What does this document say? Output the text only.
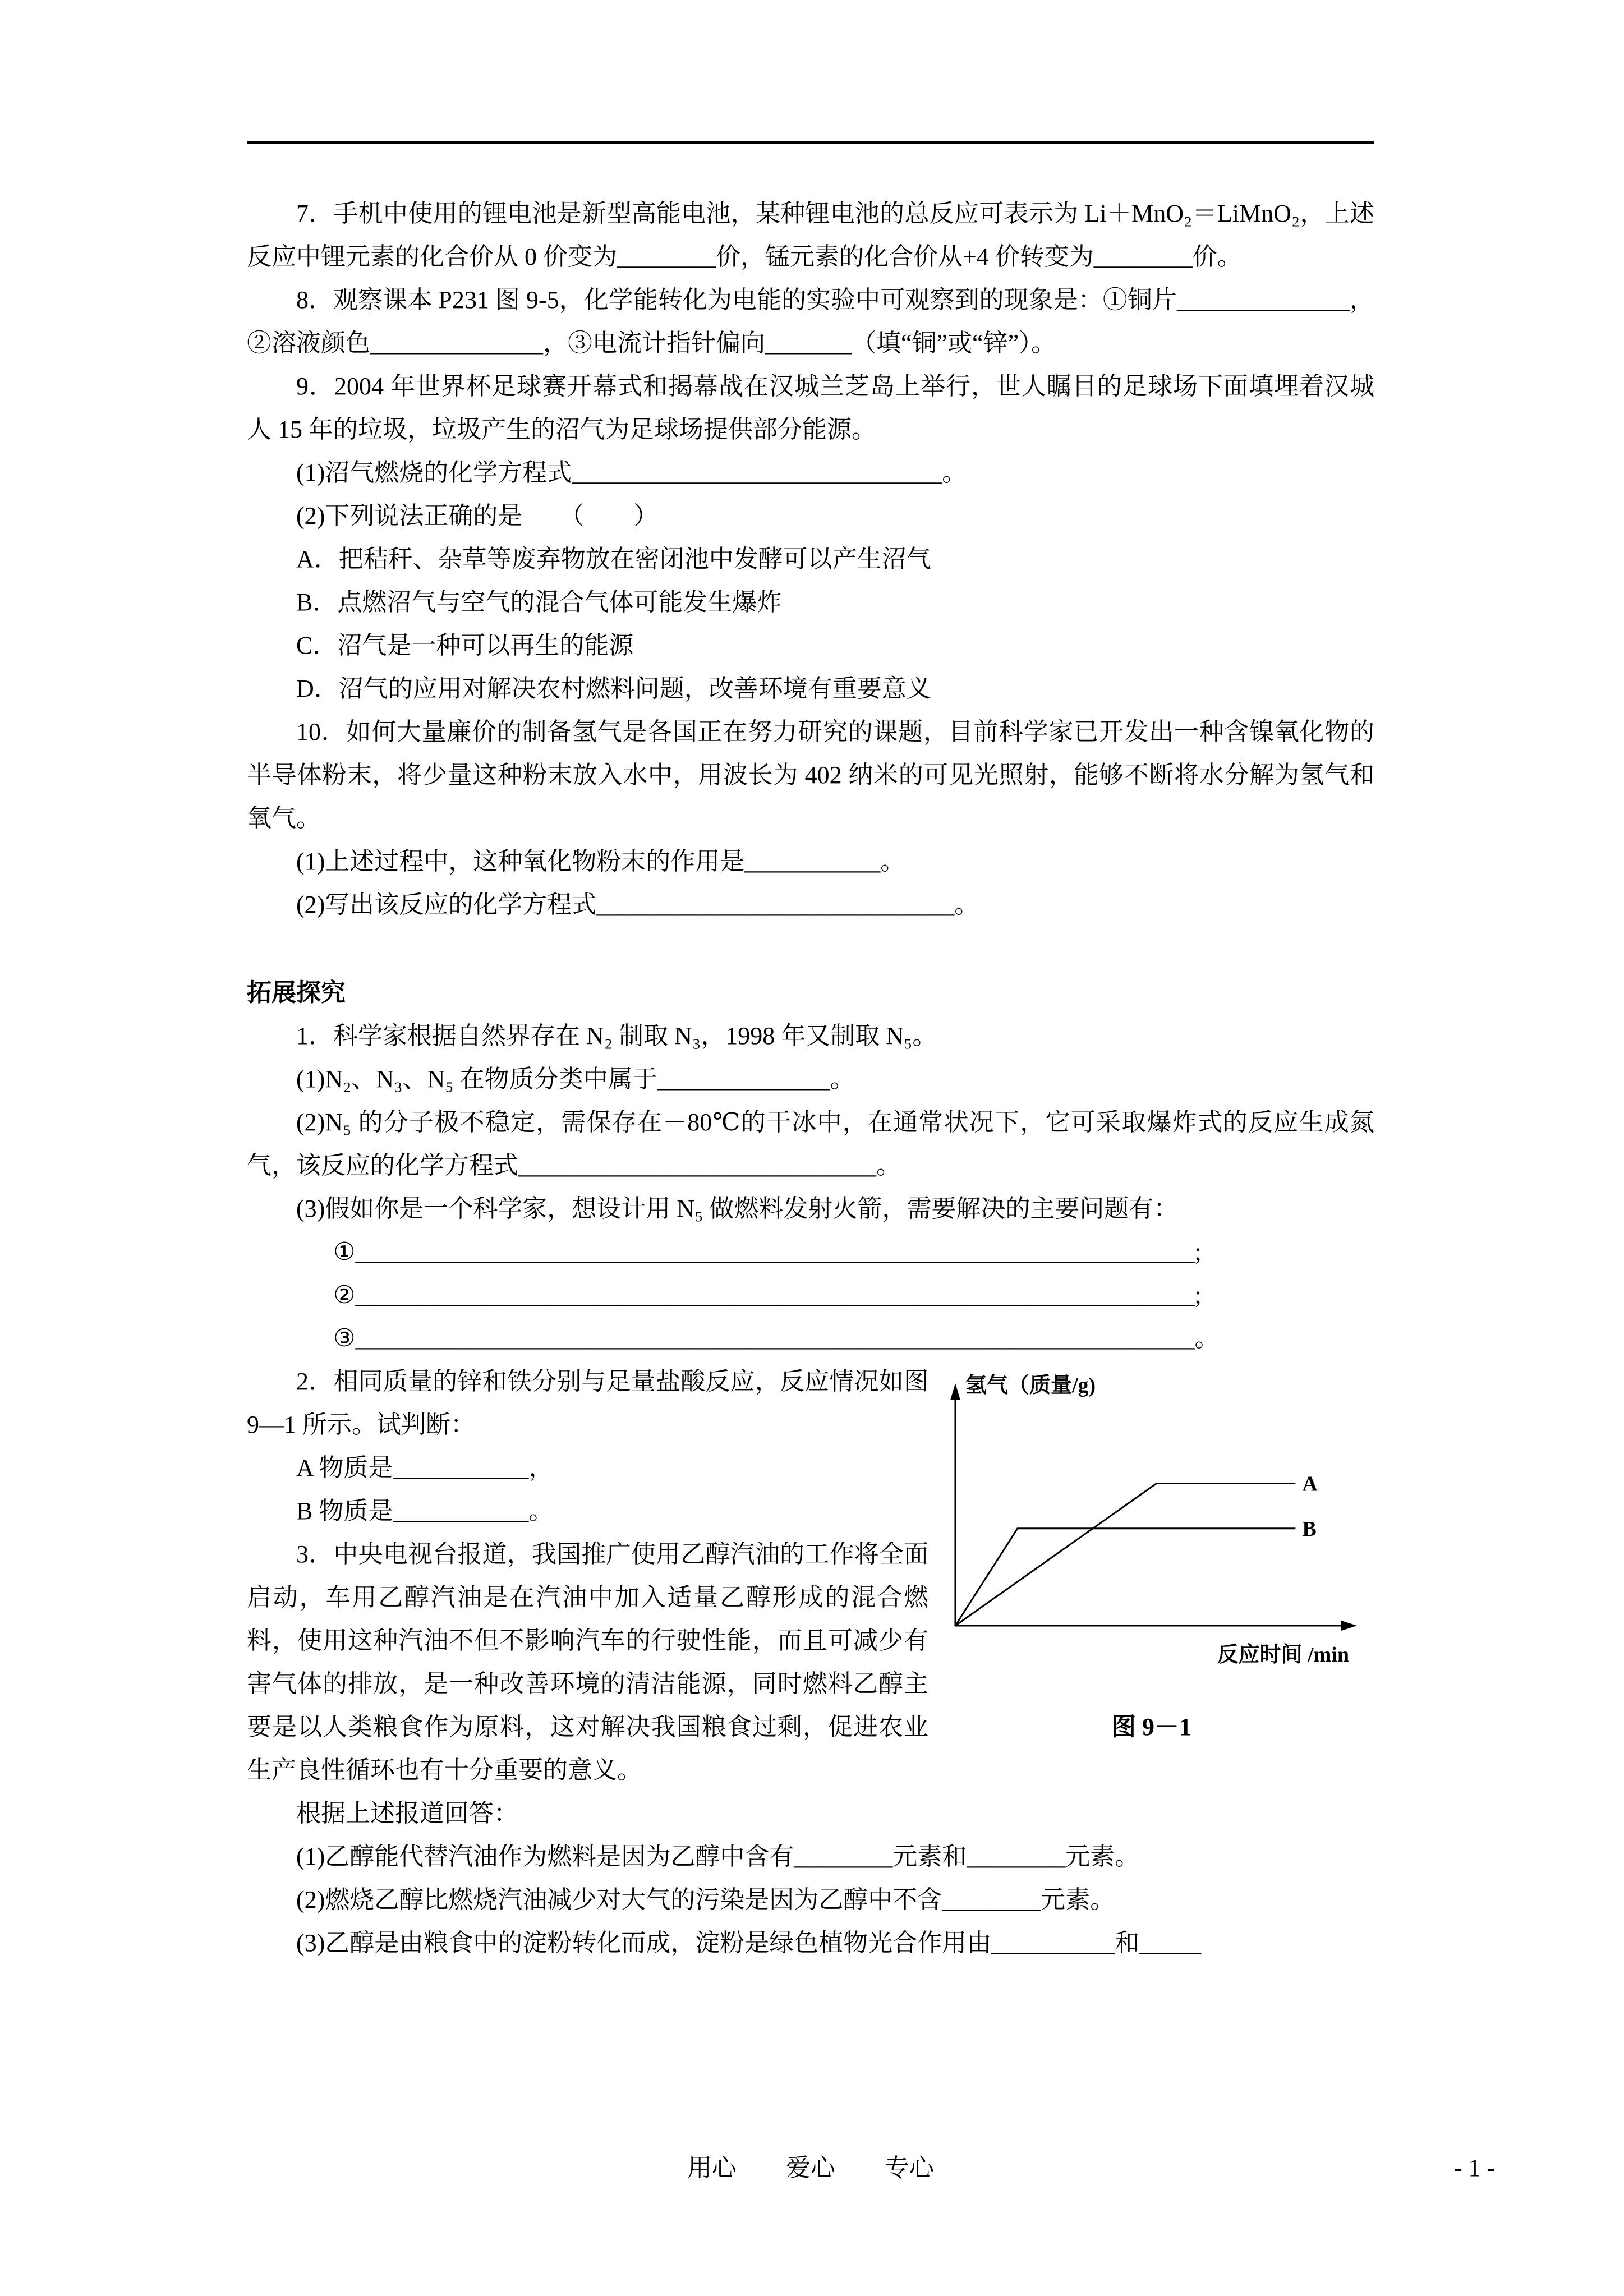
7．手机中使用的锂电池是新型高能电池，某种锂电池的总反应可表示为 Li＋MnO₂＝LiMnO₂，上述反应中锂元素的化合价从 0 价变为________价，锰元素的化合价从+4 价转变为________价。

8．观察课本 P231 图 9-5，化学能转化为电能的实验中可观察到的现象是：①铜片______________，②溶液颜色______________，③电流计指针偏向_______（填“铜”或“锌”）。

9．2004 年世界杯足球赛开幕式和揭幕战在汉城兰芝岛上举行，世人瞩目的足球场下面填埋着汉城人 15 年的垃圾，垃圾产生的沼气为足球场提供部分能源。

(1)沼气燃烧的化学方程式______________________________。

(2)下列说法正确的是　　（　　）

A．把秸秆、杂草等废弃物放在密闭池中发酵可以产生沼气

B．点燃沼气与空气的混合气体可能发生爆炸

C．沼气是一种可以再生的能源

D．沼气的应用对解决农村燃料问题，改善环境有重要意义

10．如何大量廉价的制备氢气是各国正在努力研究的课题，目前科学家已开发出一种含镍氧化物的半导体粉末，将少量这种粉末放入水中，用波长为 402 纳米的可见光照射，能够不断将水分解为氢气和氧气。

(1)上述过程中，这种氧化物粉末的作用是___________。

(2)写出该反应的化学方程式_____________________________。

拓展探究

1．科学家根据自然界存在 N₂ 制取 N₃，1998 年又制取 N₅。

(1)N₂、N₃、N₅ 在物质分类中属于______________。

(2)N₅ 的分子极不稳定，需保存在－80℃的干冰中，在通常状况下，它可采取爆炸式的反应生成氮气，该反应的化学方程式_____________________________。

(3)假如你是一个科学家，想设计用 N₅ 做燃料发射火箭，需要解决的主要问题有：

①____________________________________________________________________;

②____________________________________________________________________;

③____________________________________________________________________。

2．相同质量的锌和铁分别与足量盐酸反应，反应情况如图 9—1 所示。试判断：

A 物质是___________，

B 物质是___________。

3．中央电视台报道，我国推广使用乙醇汽油的工作将全面启动，车用乙醇汽油是在汽油中加入适量乙醇形成的混合燃料，使用这种汽油不但不影响汽车的行驶性能，而且可减少有害气体的排放，是一种改善环境的清洁能源，同时燃料乙醇主要是以人类粮食作为原料，这对解决我国粮食过剩，促进农业生产良性循环也有十分重要的意义。

氢气（质量/g)
反应时间 /min
A
B
图 9－1

根据上述报道回答：

(1)乙醇能代替汽油作为燃料是因为乙醇中含有________元素和________元素。

(2)燃烧乙醇比燃烧汽油减少对大气的污染是因为乙醇中不含________元素。

(3)乙醇是由粮食中的淀粉转化而成，淀粉是绿色植物光合作用由__________和_____

用心　　爱心　　专心	- 1 -
